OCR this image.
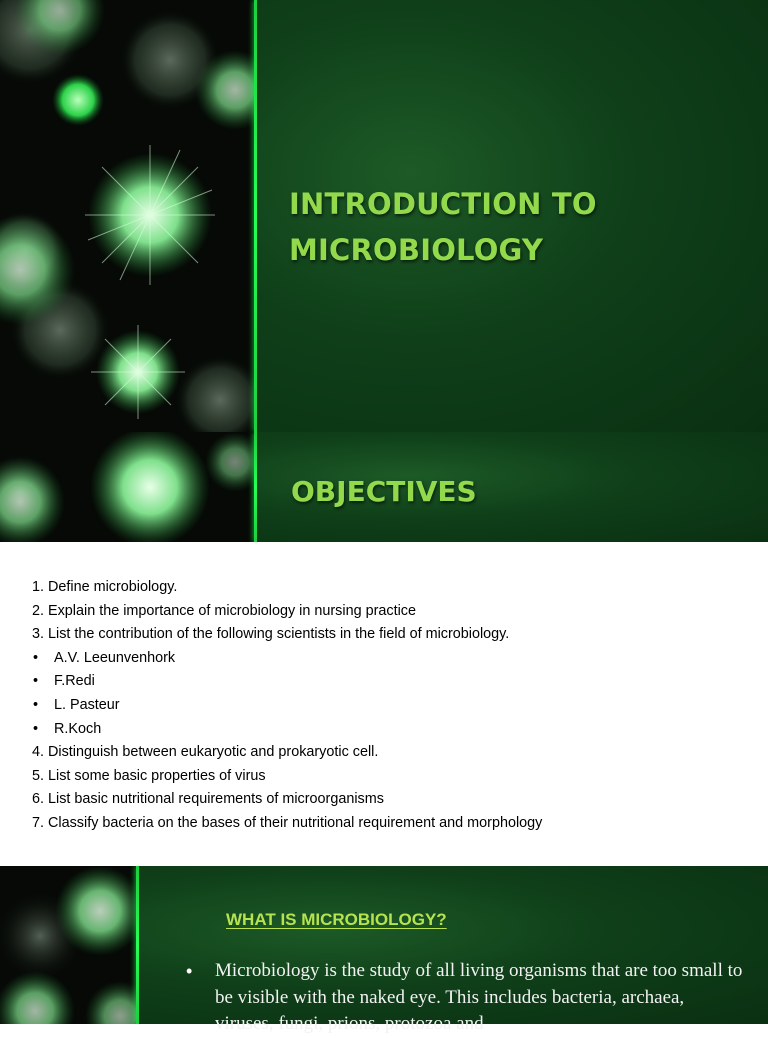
INTRODUCTION TO
MICROBIOLOGY
OBJECTIVES
1. Define microbiology.
2. Explain the importance of microbiology in nursing practice
3. List the contribution of the following scientists in the field of microbiology.
• A.V. Leeunvenhork
• F.Redi
• L. Pasteur
• R.Koch
4. Distinguish between eukaryotic and prokaryotic cell.
5. List some basic properties of virus
6. List basic nutritional requirements of microorganisms
7. Classify bacteria on the bases of their nutritional requirement and morphology
WHAT IS MICROBIOLOGY?
• Microbiology is the study of all living organisms that are too small to be visible with the naked eye. This includes bacteria, archaea, viruses, fungi, prions, protozoa and
